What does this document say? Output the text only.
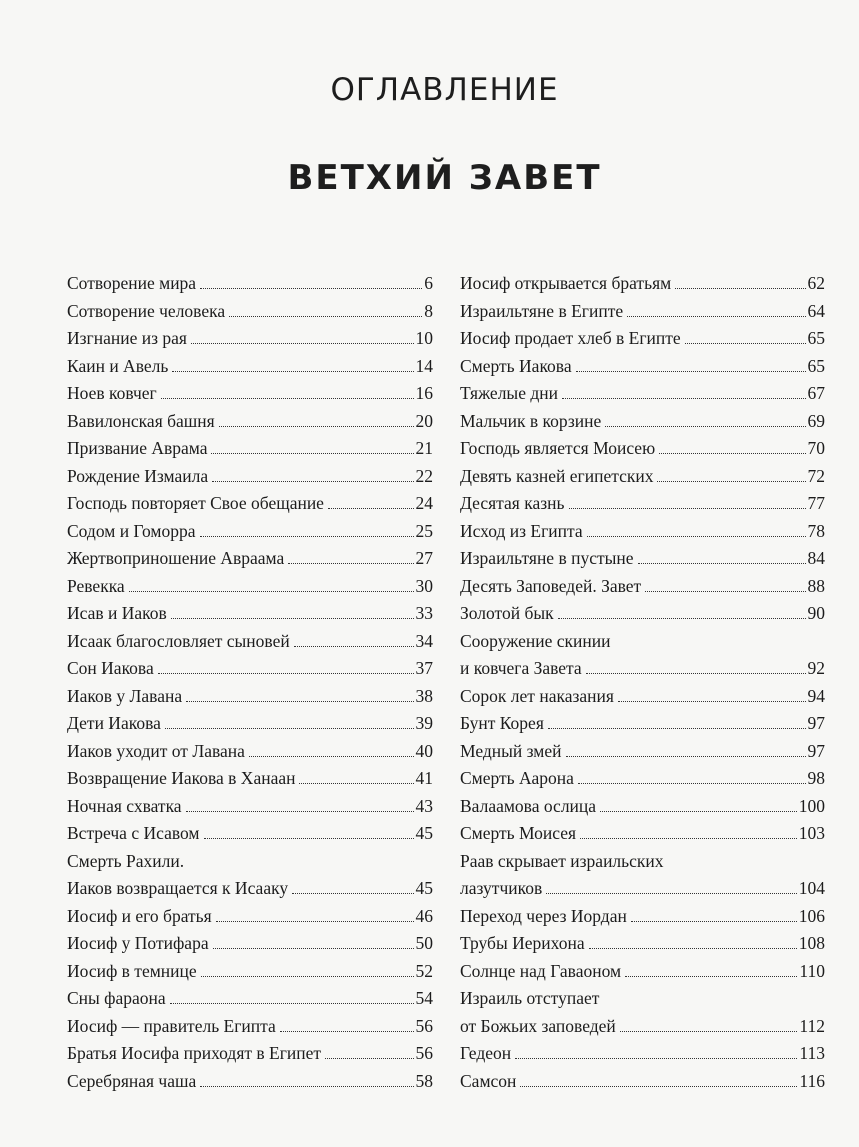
ОГЛАВЛЕНИЕ
ВЕТХИЙ ЗАВЕТ
Сотворение мира	6
Сотворение человека	8
Изгнание из рая	10
Каин и Авель	14
Ноев ковчег	16
Вавилонская башня	20
Призвание Аврама	21
Рождение Измаила	22
Господь повторяет Свое обещание	24
Содом и Гоморра	25
Жертвоприношение Авраама	27
Ревекка	30
Исав и Иаков	33
Исаак благословляет сыновей	34
Сон Иакова	37
Иаков у Лавана	38
Дети Иакова	39
Иаков уходит от Лавана	40
Возвращение Иакова в Ханаан	41
Ночная схватка	43
Встреча с Исавом	45
Смерть Рахили.
Иаков возвращается к Исааку	45
Иосиф и его братья	46
Иосиф у Потифара	50
Иосиф в темнице	52
Сны фараона	54
Иосиф — правитель Египта	56
Братья Иосифа приходят в Египет	56
Серебряная чаша	58
Иосиф открывается братьям	62
Израильтяне в Египте	64
Иосиф продает хлеб в Египте	65
Смерть Иакова	65
Тяжелые дни	67
Мальчик в корзине	69
Господь является Моисею	70
Девять казней египетских	72
Десятая казнь	77
Исход из Египта	78
Израильтяне в пустыне	84
Десять Заповедей. Завет	88
Золотой бык	90
Сооружение скинии
и ковчега Завета	92
Сорок лет наказания	94
Бунт Корея	97
Медный змей	97
Смерть Аарона	98
Валаамова ослица	100
Смерть Моисея	103
Раав скрывает израильских
лазутчиков	104
Переход через Иордан	106
Трубы Иерихона	108
Солнце над Гаваоном	110
Израиль отступает
от Божьих заповедей	112
Гедеон	113
Самсон	116
